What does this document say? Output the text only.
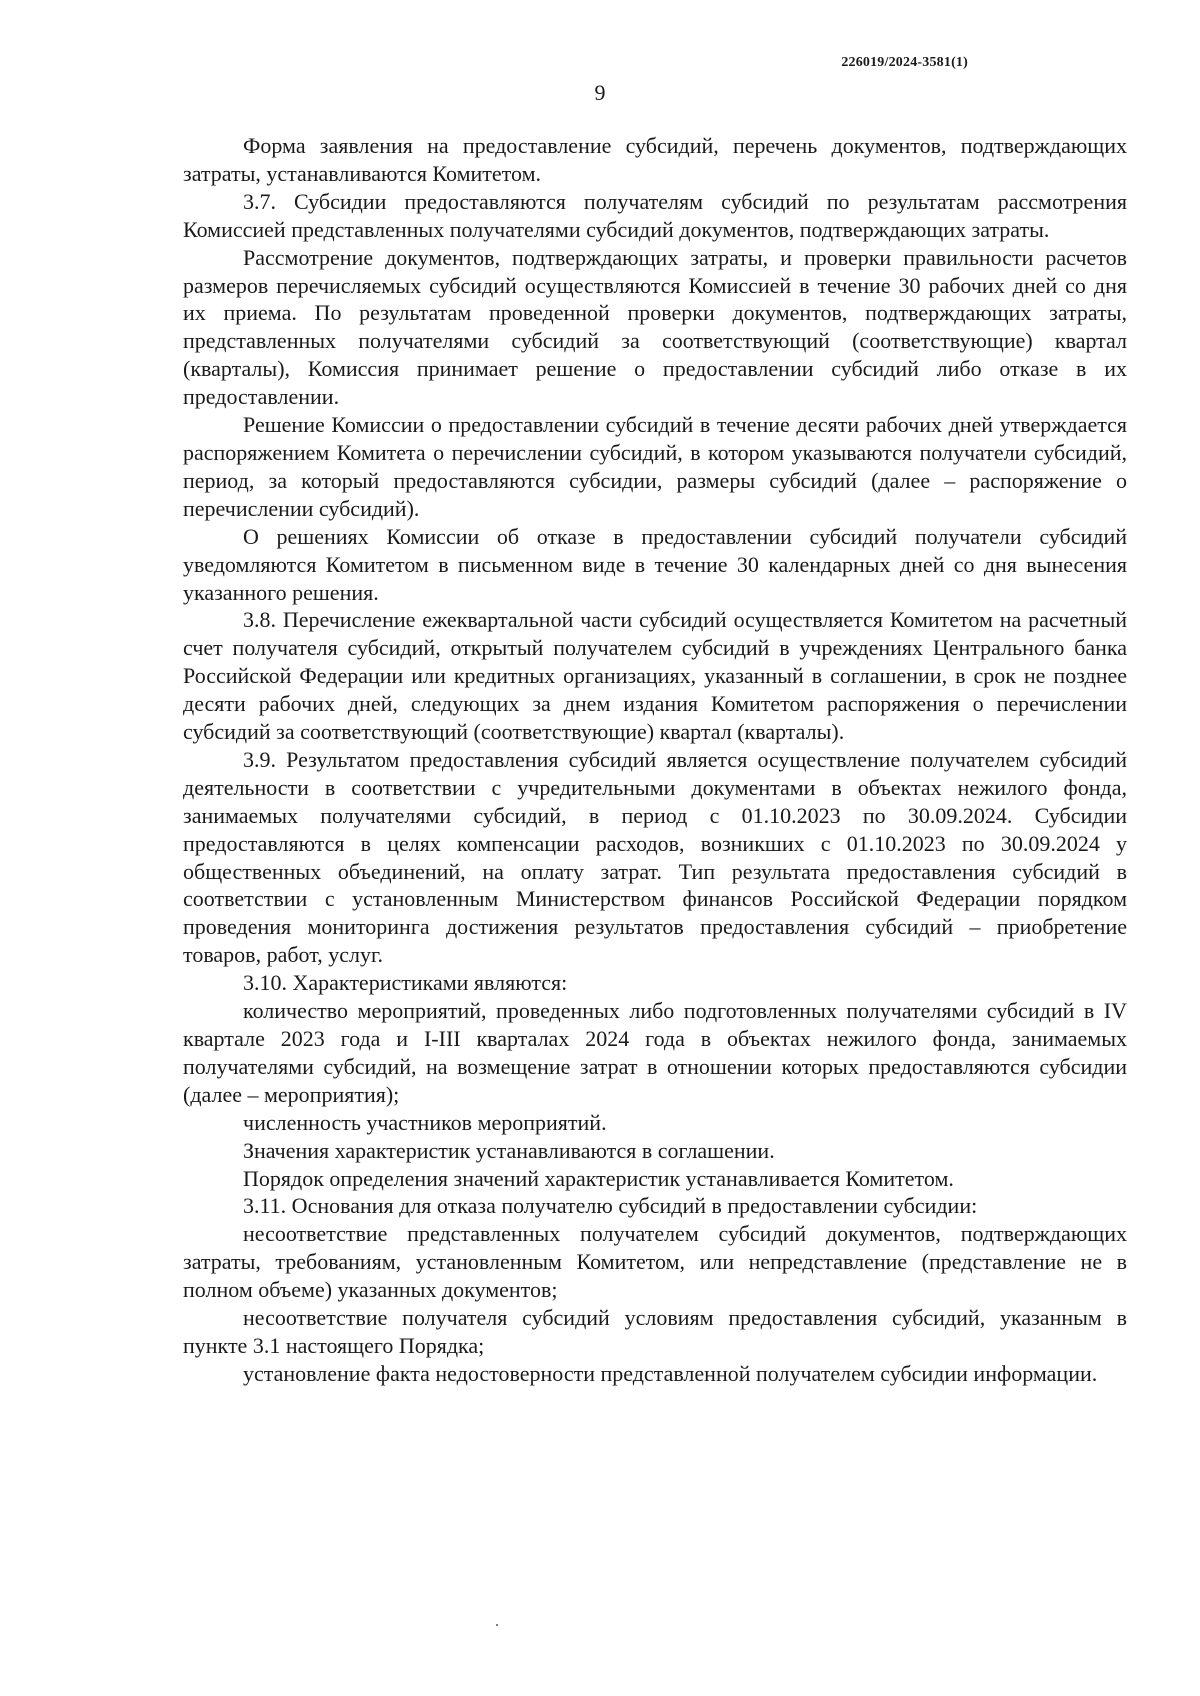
226019/2024-3581(1)
9

Форма заявления на предоставление субсидий, перечень документов, подтверждающих затраты, устанавливаются Комитетом.

3.7. Субсидии предоставляются получателям субсидий по результатам рассмотрения Комиссией представленных получателями субсидий документов, подтверждающих затраты.

Рассмотрение документов, подтверждающих затраты, и проверки правильности расчетов размеров перечисляемых субсидий осуществляются Комиссией в течение 30 рабочих дней со дня их приема. По результатам проведенной проверки документов, подтверждающих затраты, представленных получателями субсидий за соответствующий (соответствующие) квартал (кварталы), Комиссия принимает решение о предоставлении субсидий либо отказе в их предоставлении.

Решение Комиссии о предоставлении субсидий в течение десяти рабочих дней утверждается распоряжением Комитета о перечислении субсидий, в котором указываются получатели субсидий, период, за который предоставляются субсидии, размеры субсидий (далее – распоряжение о перечислении субсидий).

О решениях Комиссии об отказе в предоставлении субсидий получатели субсидий уведомляются Комитетом в письменном виде в течение 30 календарных дней со дня вынесения указанного решения.

3.8. Перечисление ежеквартальной части субсидий осуществляется Комитетом на расчетный счет получателя субсидий, открытый получателем субсидий в учреждениях Центрального банка Российской Федерации или кредитных организациях, указанный в соглашении, в срок не позднее десяти рабочих дней, следующих за днем издания Комитетом распоряжения о перечислении субсидий за соответствующий (соответствующие) квартал (кварталы).

3.9. Результатом предоставления субсидий является осуществление получателем субсидий деятельности в соответствии с учредительными документами в объектах нежилого фонда, занимаемых получателями субсидий, в период с 01.10.2023 по 30.09.2024. Субсидии предоставляются в целях компенсации расходов, возникших с 01.10.2023 по 30.09.2024 у общественных объединений, на оплату затрат. Тип результата предоставления субсидий в соответствии с установленным Министерством финансов Российской Федерации порядком проведения мониторинга достижения результатов предоставления субсидий – приобретение товаров, работ, услуг.

3.10. Характеристиками являются:

количество мероприятий, проведенных либо подготовленных получателями субсидий в IV квартале 2023 года и I-III кварталах 2024 года в объектах нежилого фонда, занимаемых получателями субсидий, на возмещение затрат в отношении которых предоставляются субсидии (далее – мероприятия);

численность участников мероприятий.

Значения характеристик устанавливаются в соглашении.

Порядок определения значений характеристик устанавливается Комитетом.

3.11. Основания для отказа получателю субсидий в предоставлении субсидии:

несоответствие представленных получателем субсидий документов, подтверждающих затраты, требованиям, установленным Комитетом, или непредставление (представление не в полном объеме) указанных документов;

несоответствие получателя субсидий условиям предоставления субсидий, указанным в пункте 3.1 настоящего Порядка;

установление факта недостоверности представленной получателем субсидии информации.
